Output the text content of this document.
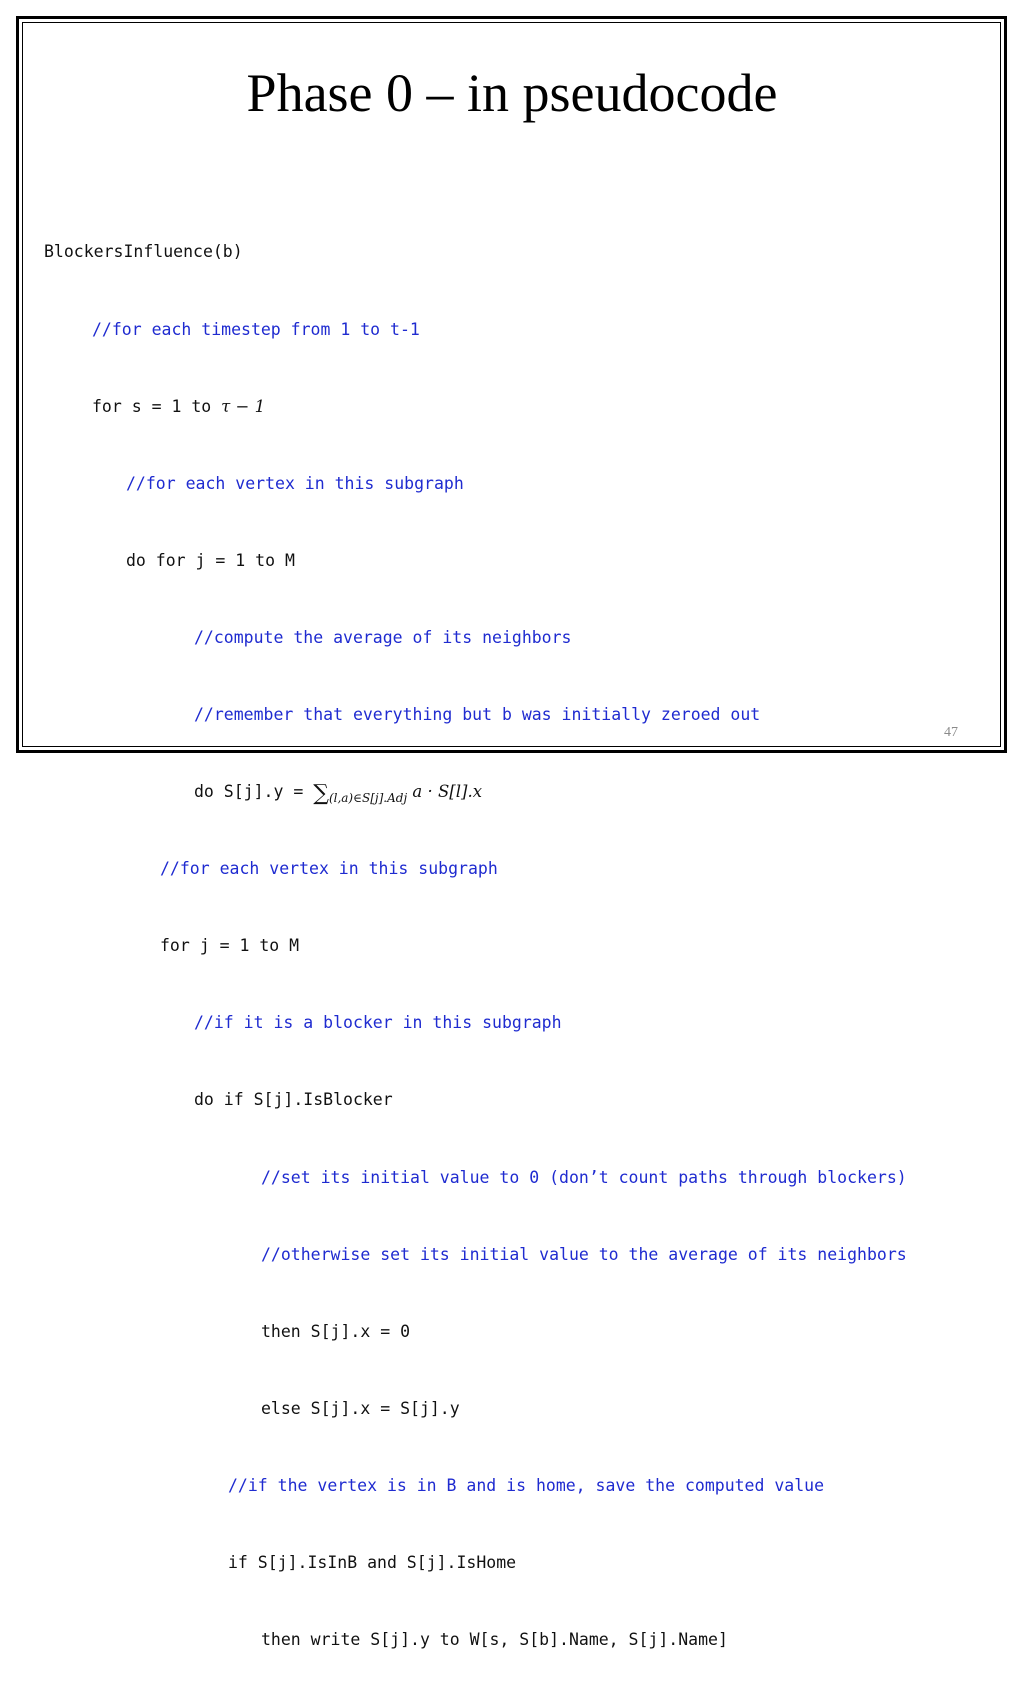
Phase 0 – in pseudocode

BlockersInfluence(b)

//for each timestep from 1 to t-1

for s = 1 to τ − 1

//for each vertex in this subgraph

do for j = 1 to M

//compute the average of its neighbors

//remember that everything but b was initially zeroed out

do $S[j].y = \sum_{(l,a)\in S[j].Adj}$ a · S[l].x

//for each vertex in this subgraph

for j = 1 to M

//if it is a blocker in this subgraph

do if S[j].IsBlocker

//set its initial value to 0 (don’t count paths through blockers)

//otherwise set its initial value to the average of its neighbors

then S[j].x = 0

else S[j].x = S[j].y

//if the vertex is in B and is home, save the computed value

if S[j].IsInB and S[j].IsHome

then write S[j].y to W[s, S[b].Name, S[j].Name]

47
